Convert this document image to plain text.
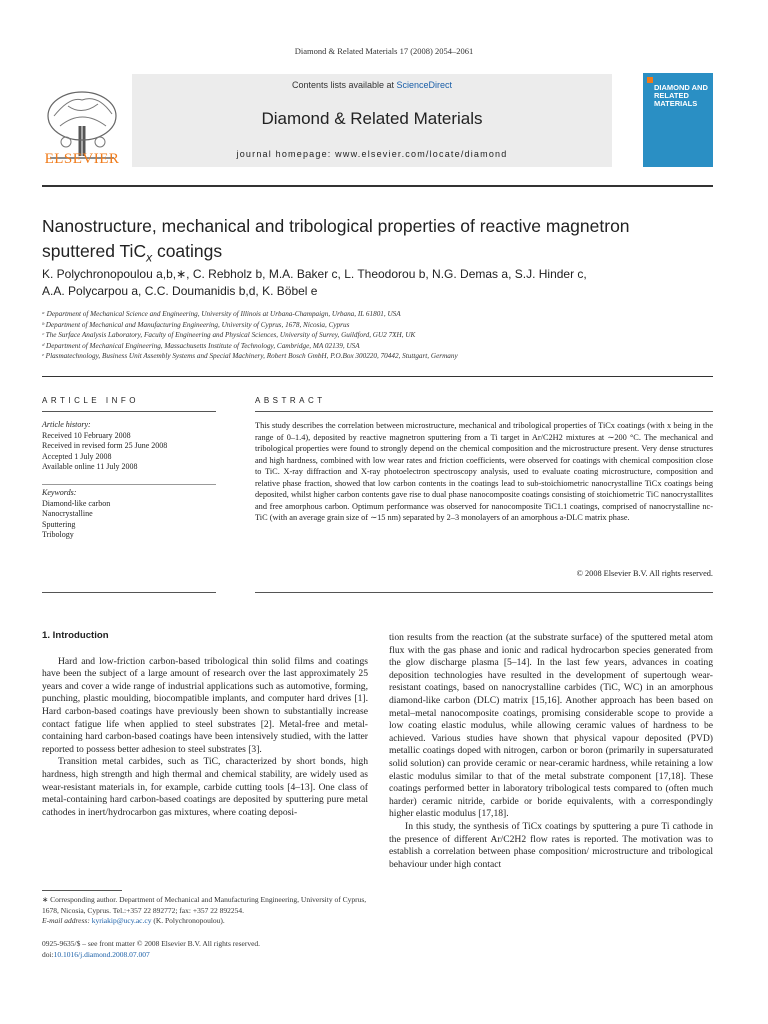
Diamond & Related Materials 17 (2008) 2054–2061
ELSEVIER
Contents lists available at ScienceDirect
Diamond & Related Materials
journal homepage: www.elsevier.com/locate/diamond
DIAMOND AND RELATED MATERIALS
Nanostructure, mechanical and tribological properties of reactive magnetron
sputtered TiC$_x$ coatings
K. Polychronopoulou a,b,∗, C. Rebholz b, M.A. Baker c, L. Theodorou b, N.G. Demas a, S.J. Hinder c,
A.A. Polycarpou a, C.C. Doumanidis b,d, K. Böbel e
ᵃ Department of Mechanical Science and Engineering, University of Illinois at Urbana-Champaign, Urbana, IL 61801, USA
ᵇ Department of Mechanical and Manufacturing Engineering, University of Cyprus, 1678, Nicosia, Cyprus
ᶜ The Surface Analysis Laboratory, Faculty of Engineering and Physical Sciences, University of Surrey, Guildford, GU2 7XH, UK
ᵈ Department of Mechanical Engineering, Massachusetts Institute of Technology, Cambridge, MA 02139, USA
ᵉ Plasmatechnology, Business Unit Assembly Systems and Special Machinery, Robert Bosch GmbH, P.O.Box 300220, 70442, Stuttgart, Germany
ARTICLE INFO
Article history:
Received 10 February 2008
Received in revised form 25 June 2008
Accepted 1 July 2008
Available online 11 July 2008
Keywords:
Diamond-like carbon
Nanocrystalline
Sputtering
Tribology
ABSTRACT
This study describes the correlation between microstructure, mechanical and tribological properties of TiCx coatings (with x being in the range of 0–1.4), deposited by reactive magnetron sputtering from a Ti target in Ar/C2H2 mixtures at ∼200 °C. The mechanical and tribological properties were found to strongly depend on the chemical composition and the microstructure present. Very dense structures and high hardness, combined with low wear rates and friction coefficients, were observed for coatings with chemical composition close to TiC. X-ray diffraction and X-ray photoelectron spectroscopy analysis, used to evaluate coating microstructure, composition and relative phase fraction, showed that low carbon contents in the coatings lead to sub-stoichiometric nanocrystalline TiCx coatings being deposited, whilst higher carbon contents gave rise to dual phase nanocomposite coatings consisting of stoichiometric TiC nanocrystallites and free amorphous carbon. Optimum performance was observed for nanocomposite TiC1.1 coatings, comprised of nanocrystalline nc-TiC (with an average grain size of ∼15 nm) separated by 2–3 monolayers of an amorphous a-DLC matrix phase.
© 2008 Elsevier B.V. All rights reserved.
1. Introduction

Hard and low-friction carbon-based tribological thin solid films and coatings have been the subject of a large amount of research over the last approximately 25 years and cover a wide range of industrial applications such as automotive, forming, punching, plastic moulding, biocompatible implants, and computer hard drives [1]. Hard carbon-based coatings have previously been shown to substantially increase contact fatigue life when applied to steel substrates [2]. Metal-free and metal-containing hard carbon-based coatings have been intensively studied, with the latter reported to possess better adhesion to steel substrates [3].

Transition metal carbides, such as TiC, characterized by short bonds, high hardness, high strength and high thermal and chemical stability, are widely used as wear-resistant materials in, for example, carbide cutting tools [4–13]. One class of metal-containing hard carbon-based coatings are deposited by sputtering pure metal cathodes in inert/hydrocarbon gas mixtures, where coating deposi-

tion results from the reaction (at the substrate surface) of the sputtered metal atom flux with the gas phase and ionic and radical hydrocarbon species generated from the glow discharge plasma [5–14]. In the last few years, advances in coating deposition technologies have resulted in the development of supertough wear-resistant coatings, based on nanocrystalline carbides (TiC, WC) in an amorphous diamond-like carbon (DLC) matrix [15,16]. Another approach has been based on metal–metal nanocomposite coatings, promising considerable scope to provide a low coating elastic modulus, while allowing ceramic values of hardness to be achieved. Various studies have shown that physical vapour deposited (PVD) metallic coatings doped with nitrogen, carbon or boron (primarily in supersaturated solid solution) can provide ceramic or near-ceramic hardness, while retaining a low elastic modulus similar to that of the metal substrate component [17,18]. These coatings performed better in laboratory tribological tests compared to (often much harder) ceramic nitride, carbide or boride equivalents, with a correspondingly higher elastic modulus [17,18].

In this study, the synthesis of TiCx coatings by sputtering a pure Ti cathode in the presence of different Ar/C2H2 flow rates is reported. The motivation was to establish a correlation between phase composition/ microstructure and tribological behaviour under high contact

∗ Corresponding author. Department of Mechanical and Manufacturing Engineering, University of Cyprus, 1678, Nicosia, Cyprus. Tel.:+357 22 892772; fax: +357 22 892254.
E-mail address: kyriakip@ucy.ac.cy (K. Polychronopoulou).
0925-9635/$ – see front matter © 2008 Elsevier B.V. All rights reserved.
doi:10.1016/j.diamond.2008.07.007
